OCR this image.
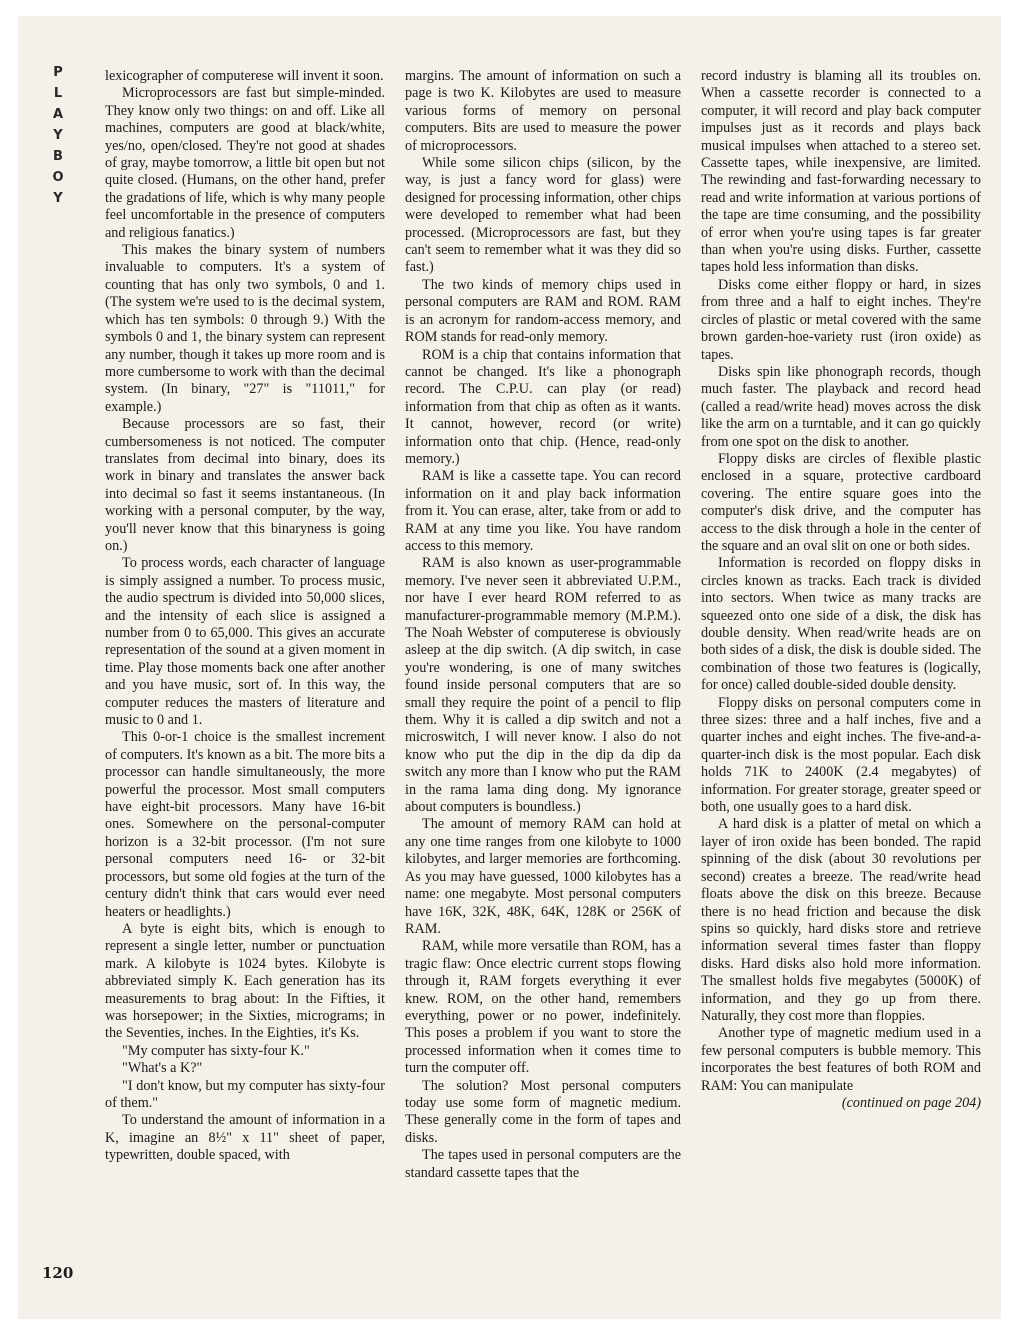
P
L
A
Y
B
O
Y
120

lexicographer of computerese will invent it soon.

Microprocessors are fast but simple-minded. They know only two things: on and off. Like all machines, computers are good at black/white, yes/no, open/closed. They're not good at shades of gray, maybe tomorrow, a little bit open but not quite closed. (Humans, on the other hand, prefer the gradations of life, which is why many people feel uncomfortable in the presence of computers and religious fanatics.)

This makes the binary system of numbers invaluable to computers. It's a system of counting that has only two symbols, 0 and 1. (The system we're used to is the decimal system, which has ten symbols: 0 through 9.) With the symbols 0 and 1, the binary system can represent any number, though it takes up more room and is more cumbersome to work with than the decimal system. (In binary, "27" is "11011," for example.)

Because processors are so fast, their cumbersomeness is not noticed. The computer translates from decimal into binary, does its work in binary and translates the answer back into decimal so fast it seems instantaneous. (In working with a personal computer, by the way, you'll never know that this binaryness is going on.)

To process words, each character of language is simply assigned a number. To process music, the audio spectrum is divided into 50,000 slices, and the intensity of each slice is assigned a number from 0 to 65,000. This gives an accurate representation of the sound at a given moment in time. Play those moments back one after another and you have music, sort of. In this way, the computer reduces the masters of literature and music to 0 and 1.

This 0-or-1 choice is the smallest increment of computers. It's known as a bit. The more bits a processor can handle simultaneously, the more powerful the processor. Most small computers have eight-bit processors. Many have 16-bit ones. Somewhere on the personal-computer horizon is a 32-bit processor. (I'm not sure personal computers need 16- or 32-bit processors, but some old fogies at the turn of the century didn't think that cars would ever need heaters or headlights.)

A byte is eight bits, which is enough to represent a single letter, number or punctuation mark. A kilobyte is 1024 bytes. Kilobyte is abbreviated simply K. Each generation has its measurements to brag about: In the Fifties, it was horsepower; in the Sixties, micrograms; in the Seventies, inches. In the Eighties, it's Ks.

"My computer has sixty-four K."

"What's a K?"

"I don't know, but my computer has sixty-four of them."

To understand the amount of information in a K, imagine an 8½" x 11" sheet of paper, typewritten, double spaced, with

margins. The amount of information on such a page is two K. Kilobytes are used to measure various forms of memory on personal computers. Bits are used to measure the power of microprocessors.

While some silicon chips (silicon, by the way, is just a fancy word for glass) were designed for processing information, other chips were developed to remember what had been processed. (Microprocessors are fast, but they can't seem to remember what it was they did so fast.)

The two kinds of memory chips used in personal computers are RAM and ROM. RAM is an acronym for random-access memory, and ROM stands for read-only memory.

ROM is a chip that contains information that cannot be changed. It's like a phonograph record. The C.P.U. can play (or read) information from that chip as often as it wants. It cannot, however, record (or write) information onto that chip. (Hence, read-only memory.)

RAM is like a cassette tape. You can record information on it and play back information from it. You can erase, alter, take from or add to RAM at any time you like. You have random access to this memory.

RAM is also known as user-programmable memory. I've never seen it abbreviated U.P.M., nor have I ever heard ROM referred to as manufacturer-programmable memory (M.P.M.). The Noah Webster of computerese is obviously asleep at the dip switch. (A dip switch, in case you're wondering, is one of many switches found inside personal computers that are so small they require the point of a pencil to flip them. Why it is called a dip switch and not a microswitch, I will never know. I also do not know who put the dip in the dip da dip da switch any more than I know who put the RAM in the rama lama ding dong. My ignorance about computers is boundless.)

The amount of memory RAM can hold at any one time ranges from one kilobyte to 1000 kilobytes, and larger memories are forthcoming. As you may have guessed, 1000 kilobytes has a name: one megabyte. Most personal computers have 16K, 32K, 48K, 64K, 128K or 256K of RAM.

RAM, while more versatile than ROM, has a tragic flaw: Once electric current stops flowing through it, RAM forgets everything it ever knew. ROM, on the other hand, remembers everything, power or no power, indefinitely. This poses a problem if you want to store the processed information when it comes time to turn the computer off.

The solution? Most personal computers today use some form of magnetic medium. These generally come in the form of tapes and disks.

The tapes used in personal computers are the standard cassette tapes that the

record industry is blaming all its troubles on. When a cassette recorder is connected to a computer, it will record and play back computer impulses just as it records and plays back musical impulses when attached to a stereo set. Cassette tapes, while inexpensive, are limited. The rewinding and fast-forwarding necessary to read and write information at various portions of the tape are time consuming, and the possibility of error when you're using tapes is far greater than when you're using disks. Further, cassette tapes hold less information than disks.

Disks come either floppy or hard, in sizes from three and a half to eight inches. They're circles of plastic or metal covered with the same brown garden-hoe-variety rust (iron oxide) as tapes.

Disks spin like phonograph records, though much faster. The playback and record head (called a read/write head) moves across the disk like the arm on a turntable, and it can go quickly from one spot on the disk to another.

Floppy disks are circles of flexible plastic enclosed in a square, protective cardboard covering. The entire square goes into the computer's disk drive, and the computer has access to the disk through a hole in the center of the square and an oval slit on one or both sides.

Information is recorded on floppy disks in circles known as tracks. Each track is divided into sectors. When twice as many tracks are squeezed onto one side of a disk, the disk has double density. When read/write heads are on both sides of a disk, the disk is double sided. The combination of those two features is (logically, for once) called double-sided double density.

Floppy disks on personal computers come in three sizes: three and a half inches, five and a quarter inches and eight inches. The five-and-a-quarter-inch disk is the most popular. Each disk holds 71K to 2400K (2.4 megabytes) of information. For greater storage, greater speed or both, one usually goes to a hard disk.

A hard disk is a platter of metal on which a layer of iron oxide has been bonded. The rapid spinning of the disk (about 30 revolutions per second) creates a breeze. The read/write head floats above the disk on this breeze. Because there is no head friction and because the disk spins so quickly, hard disks store and retrieve information several times faster than floppy disks. Hard disks also hold more information. The smallest holds five megabytes (5000K) of information, and they go up from there. Naturally, they cost more than floppies.

Another type of magnetic medium used in a few personal computers is bubble memory. This incorporates the best features of both ROM and RAM: You can manipulate

(continued on page 204)
